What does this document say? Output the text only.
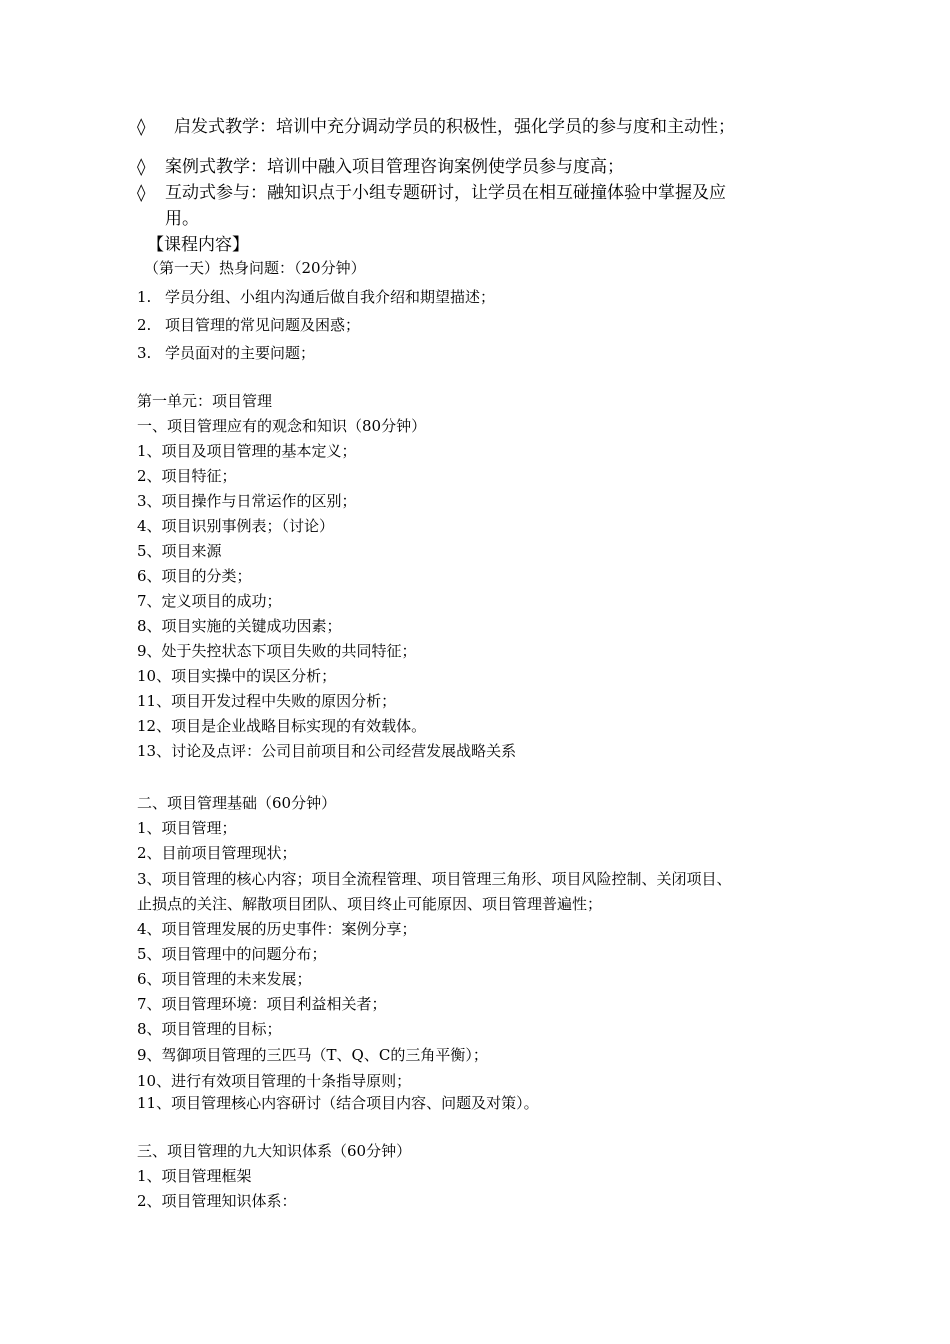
◊ 启发式教学：培训中充分调动学员的积极性，强化学员的参与度和主动性；
◊ 案例式教学：培训中融入项目管理咨询案例使学员参与度高；
◊ 互动式参与：融知识点于小组专题研讨，让学员在相互碰撞体验中掌握及应
用。
【课程内容】
（第一天）热身问题：（20分钟）
1. 学员分组、小组内沟通后做自我介绍和期望描述；
2. 项目管理的常见问题及困惑；
3. 学员面对的主要问题；
第一单元：项目管理
一、项目管理应有的观念和知识（80分钟）
1、项目及项目管理的基本定义；
2、项目特征；
3、项目操作与日常运作的区别；
4、项目识别事例表；（讨论）
5、项目来源
6、项目的分类；
7、定义项目的成功；
8、项目实施的关键成功因素；
9、处于失控状态下项目失败的共同特征；
10、项目实操中的误区分析；
11、项目开发过程中失败的原因分析；
12、项目是企业战略目标实现的有效载体。
13、讨论及点评：公司目前项目和公司经营发展战略关系
二、项目管理基础（60分钟）
1、项目管理；
2、目前项目管理现状；
3、项目管理的核心内容；项目全流程管理、项目管理三角形、项目风险控制、关闭项目、
止损点的关注、解散项目团队、项目终止可能原因、项目管理普遍性；
4、项目管理发展的历史事件：案例分享；
5、项目管理中的问题分布；
6、项目管理的未来发展；
7、项目管理环境：项目利益相关者；
8、项目管理的目标；
9、驾御项目管理的三匹马（T、Q、C的三角平衡）；
10、进行有效项目管理的十条指导原则；
11、项目管理核心内容研讨（结合项目内容、问题及对策）。
三、项目管理的九大知识体系（60分钟）
1、项目管理框架
2、项目管理知识体系：
